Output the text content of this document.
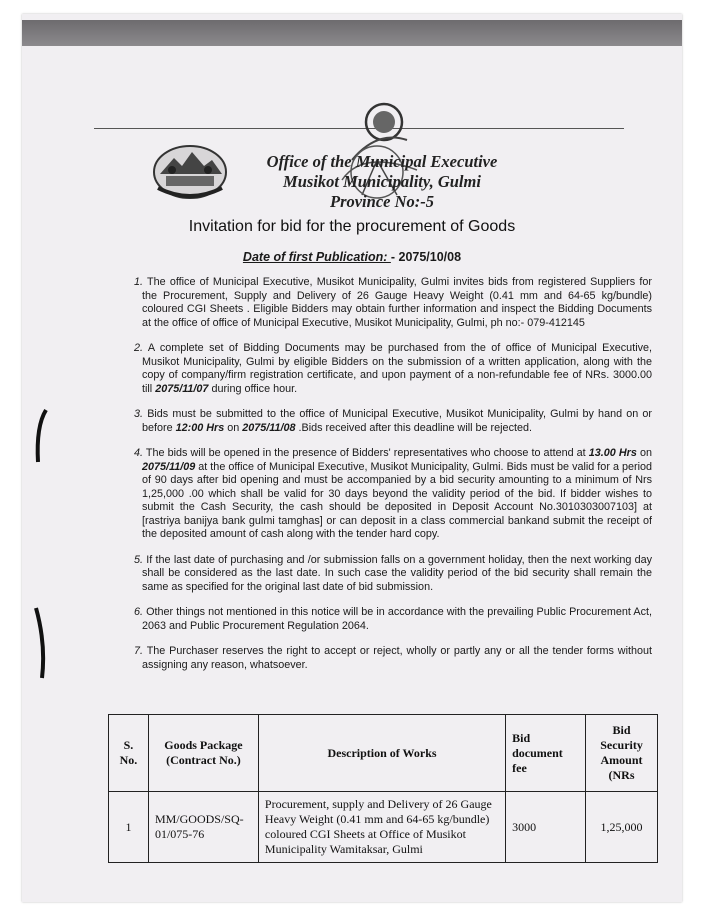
Office of the Municipal Executive
Musikot Municipality, Gulmi
Province No:-5
Invitation for bid for the procurement of Goods
Date of first Publication: - 2075/10/08
1. The office of Municipal Executive, Musikot Municipality, Gulmi invites bids from registered Suppliers for the Procurement, Supply and Delivery of 26 Gauge Heavy Weight (0.41 mm and 64-65 kg/bundle) coloured CGI Sheets . Eligible Bidders may obtain further information and inspect the Bidding Documents at the office of office of Municipal Executive, Musikot Municipality, Gulmi, ph no:- 079-412145
2. A complete set of Bidding Documents may be purchased from the of office of Municipal Executive, Musikot Municipality, Gulmi by eligible Bidders on the submission of a written application, along with the copy of company/firm registration certificate, and upon payment of a non-refundable fee of NRs. 3000.00 till 2075/11/07 during office hour.
3. Bids must be submitted to the office of Municipal Executive, Musikot Municipality, Gulmi by hand on or before 12:00 Hrs on 2075/11/08 .Bids received after this deadline will be rejected.
4. The bids will be opened in the presence of Bidders' representatives who choose to attend at 13.00 Hrs on 2075/11/09 at the office of Municipal Executive, Musikot Municipality, Gulmi. Bids must be valid for a period of 90 days after bid opening and must be accompanied by a bid security amounting to a minimum of Nrs 1,25,000 .00 which shall be valid for 30 days beyond the validity period of the bid. If bidder wishes to submit the Cash Security, the cash should be deposited in Deposit Account No.3010303007103] at [rastriya banijya bank gulmi tamghas] or can deposit in a class commercial bankand submit the receipt of the deposited amount of cash along with the tender hard copy.
5. If the last date of purchasing and /or submission falls on a government holiday, then the next working day shall be considered as the last date. In such case the validity period of the bid security shall remain the same as specified for the original last date of bid submission.
6. Other things not mentioned in this notice will be in accordance with the prevailing Public Procurement Act, 2063 and Public Procurement Regulation 2064.
7. The Purchaser reserves the right to accept or reject, wholly or partly any or all the tender forms without assigning any reason, whatsoever.
S. No.	Goods Package (Contract No.)	Description of Works	Bid document fee	Bid Security Amount (NRs
1	MM/GOODS/SQ-01/075-76	Procurement, supply and Delivery of 26 Gauge Heavy Weight (0.41 mm and 64-65 kg/bundle) coloured CGI Sheets at Office of Musikot Municipality Wamitaksar, Gulmi	3000	1,25,000
